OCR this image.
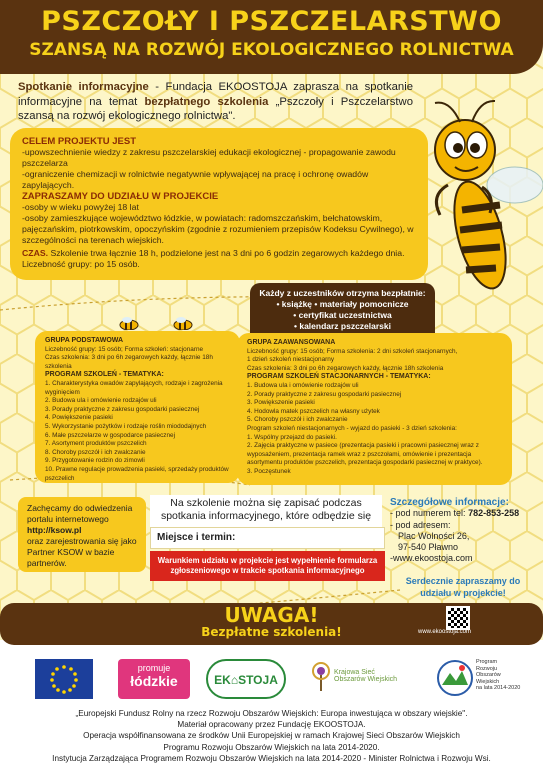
PSZCZOŁY I PSZCZELARSTWO
SZANSĄ NA ROZWÓJ EKOLOGICZNEGO ROLNICTWA
Spotkanie informacyjne - Fundacja EKOOSTOJA zaprasza na spotkanie informacyjne na temat bezpłatnego szkolenia „Pszczoły i Pszczelarstwo szansą na rozwój ekologicznego rolnictwa".
CELEM PROJEKTU JEST
-upowszechnienie wiedzy z zakresu pszczelarskiej edukacji ekologicznej - propagowanie zawodu pszczelarza
-ograniczenie chemizacji w rolnictwie negatywnie wpływającej na pracę i ochronę owadów zapylających.
ZAPRASZAMY DO UDZIAŁU W PROJEKCIE
-osoby w wieku powyżej 18 lat
-osoby zamieszkujące województwo łódzkie, w powiatach: radomszczańskim, bełchatowskim, pajęczańskim, piotrkowskim, opoczyńskim (zgodnie z rozumieniem przepisów Kodeksu Cywilnego), w szczególności na terenach wiejskich.
CZAS. Szkolenie trwa łącznie 18 h, podzielone jest na 3 dni po 6 godzin zegarowych każdego dnia. Liczebność grupy: po 15 osób.
Każdy z uczestników otrzyma bezpłatnie:
• książkę • materiały pomocnicze
• certyfikat uczestnictwa
• kalendarz pszczelarski
GRUPA PODSTAWOWA
Liczebność grupy: 15 osób; Forma szkoleń: stacjonarne
Czas szkolenia: 3 dni po 6h zegarowych każdy, łącznie 18h szkolenia
PROGRAM SZKOLEŃ - TEMATYKA:
1. Charakterystyka owadów zapylających, rodzaje i zagrożenia wyginięciem
2. Budowa ula i omówienie rodzajów uli
3. Porady praktyczne z zakresu gospodarki pasiecznej
4. Powiększenie pasieki
5. Wykorzystanie pożytków i rodzaje roślin miododajnych
6. Małe pszczelarze w gospodarce pasiecznej
7. Asortyment produktów pszczelich
8. Choroby pszczół i ich zwalczanie
9. Przygotowanie rodzin do zimowli
10. Prawne regulacje prowadzenia pasieki, sprzedaży produktów pszczelich
GRUPA ZAAWANSOWANA
Liczebność grupy: 15 osób; Forma szkolenia: 2 dni szkoleń stacjonarnych,
1 dzień szkoleń niestacjonarny
Czas szkolenia: 3 dni po 6h zegarowych każdy, łącznie 18h szkolenia
PROGRAM SZKOLEŃ STACJONARNYCH - TEMATYKA:
1. Budowa ula i omówienie rodzajów uli
2. Porady praktyczne z zakresu gospodarki pasiecznej
3. Powiększenie pasieki
4. Hodowla matek pszczelich na własny użytek
5. Choroby pszczół i ich zwalczanie
Program szkoleń niestacjonarnych - wyjazd do pasieki - 3 dzień szkolenia:
1. Wspólny przejazd do pasieki.
2. Zajęcia praktyczne w pasiece (prezentacja pasieki i pracowni pasiecznej wraz z wyposażeniem, prezentacja ramek wraz z pszczołami, omówienie i prezentacja asortymentu produktów pszczelich, prezentacja gospodarki pasiecznej w praktyce).
3. Poczęstunek
Zachęcamy do odwiedzenia
portalu internetowego
http://ksow.pl
oraz zarejestrowania się jako
Partner KSOW w bazie partnerów.
Na szkolenie można się zapisać podczas spotkania informacyjnego, które odbędzie się
Miejsce i termin:
Warunkiem udziału w projekcie jest wypełnienie formularza zgłoszeniowego w trakcie spotkania informacyjnego
Szczegółowe informacje:
- pod numerem tel: 782-853-258
- pod adresem:
Plac Wolności 26,
97-540 Pławno
-www.ekoostoja.com
Serdecznie zapraszamy do
udziału w projekcie!
UWAGA!
Bezpłatne szkolenia!	www.ekoostoja.com
promuje
łódzkie	EK⌂STOJA
Krajowa Sieć
Obszarów Wiejskich
Program
Rozwoju
Obszarów
Wiejskich
na lata 2014-2020
„Europejski Fundusz Rolny na rzecz Rozwoju Obszarów Wiejskich: Europa inwestująca w obszary wiejskie".
Materiał opracowany przez Fundację EKOOSTOJA.
Operacja współfinansowana ze środków Unii Europejskiej w ramach Krajowej Sieci Obszarów Wiejskich
Programu Rozwoju Obszarów Wiejskich na lata 2014-2020.
Instytucja Zarządzająca Programem Rozwoju Obszarów Wiejskich na lata 2014-2020 - Minister Rolnictwa i Rozwoju Wsi.
